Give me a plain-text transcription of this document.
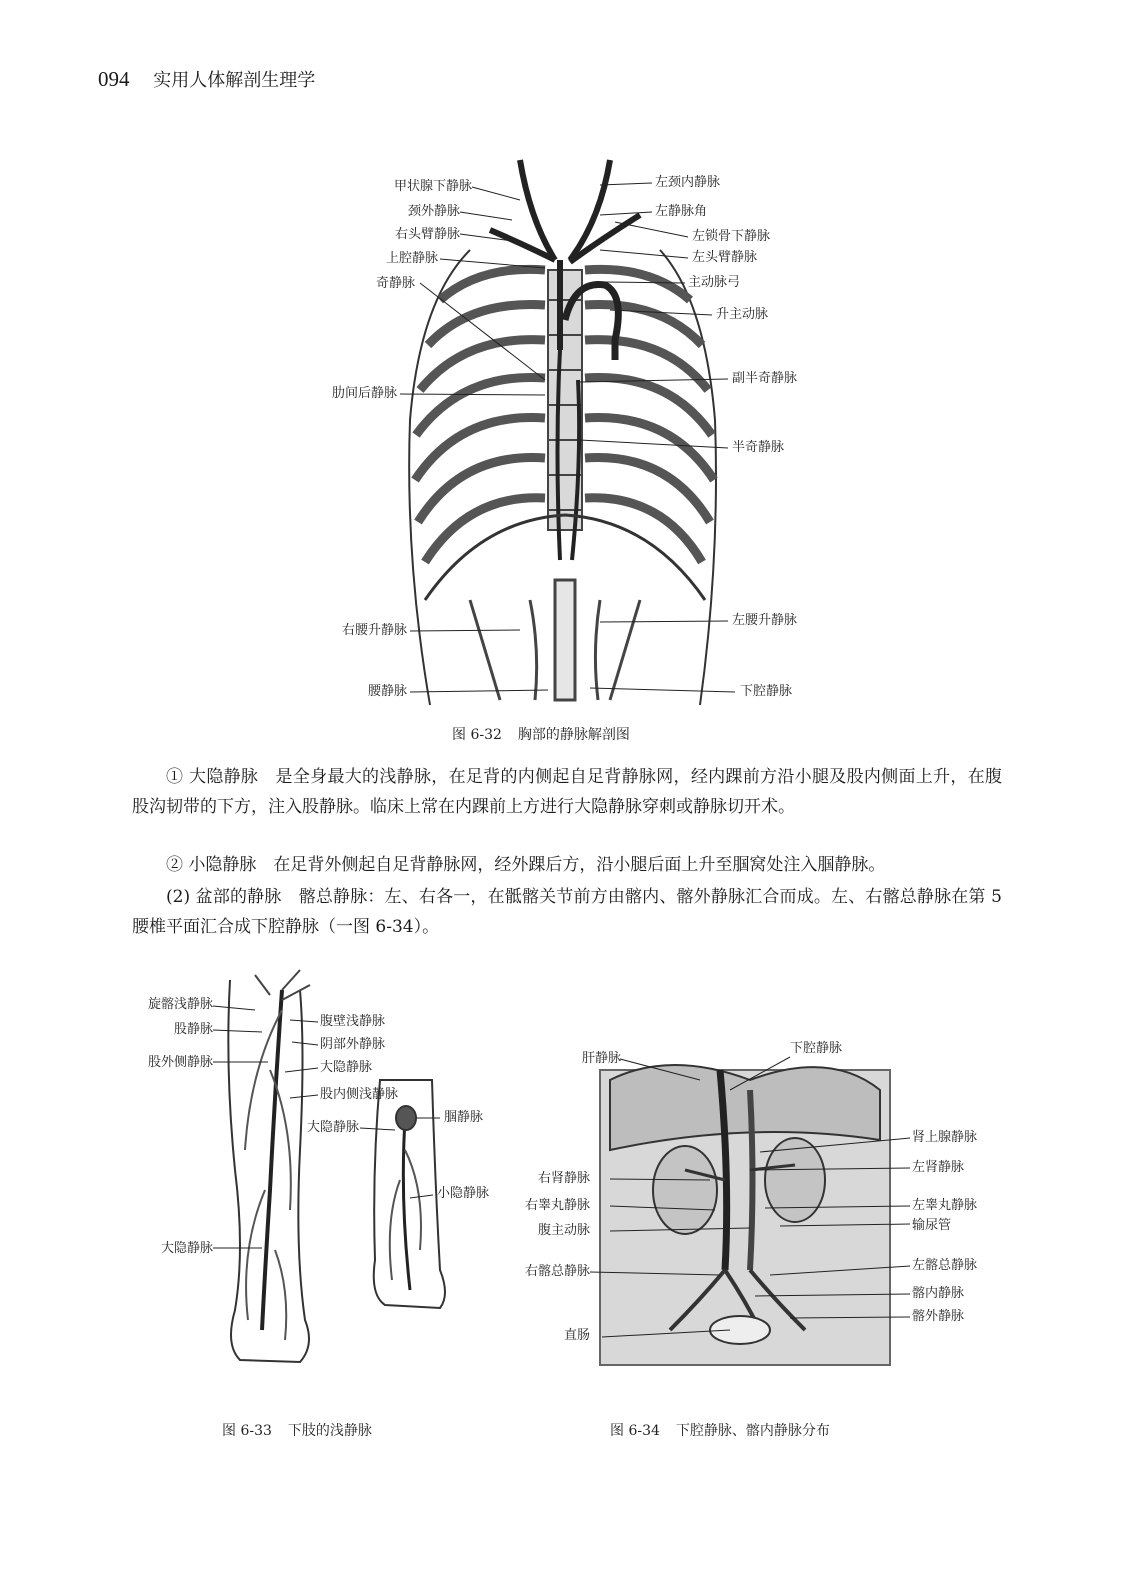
094 实用人体解剖生理学
甲状腺下静脉
颈外静脉
右头臂静脉
上腔静脉
奇静脉
肋间后静脉
右腰升静脉
腰静脉
左颈内静脉
左静脉角
左锁骨下静脉
左头臂静脉
主动脉弓
升主动脉
副半奇静脉
半奇静脉
左腰升静脉
下腔静脉
图 6-32 胸部的静脉解剖图
① 大隐静脉　是全身最大的浅静脉，在足背的内侧起自足背静脉网，经内踝前方沿小腿及股内侧面上升，在腹股沟韧带的下方，注入股静脉。临床上常在内踝前上方进行大隐静脉穿刺或静脉切开术。
② 小隐静脉　在足背外侧起自足背静脉网，经外踝后方，沿小腿后面上升至腘窝处注入腘静脉。
(2) 盆部的静脉　髂总静脉：左、右各一，在骶髂关节前方由髂内、髂外静脉汇合而成。左、右髂总静脉在第 5 腰椎平面汇合成下腔静脉（一图 6-34）。
旋髂浅静脉
股静脉
股外侧静脉
大隐静脉
大隐静脉
腹壁浅静脉
阴部外静脉
大隐静脉
股内侧浅静脉
腘静脉
小隐静脉
图 6-33 下肢的浅静脉
肝静脉
右肾静脉
右睾丸静脉
腹主动脉
右髂总静脉
直肠
下腔静脉
肾上腺静脉
左肾静脉
左睾丸静脉
输尿管
左髂总静脉
髂内静脉
髂外静脉
图 6-34 下腔静脉、髂内静脉分布
